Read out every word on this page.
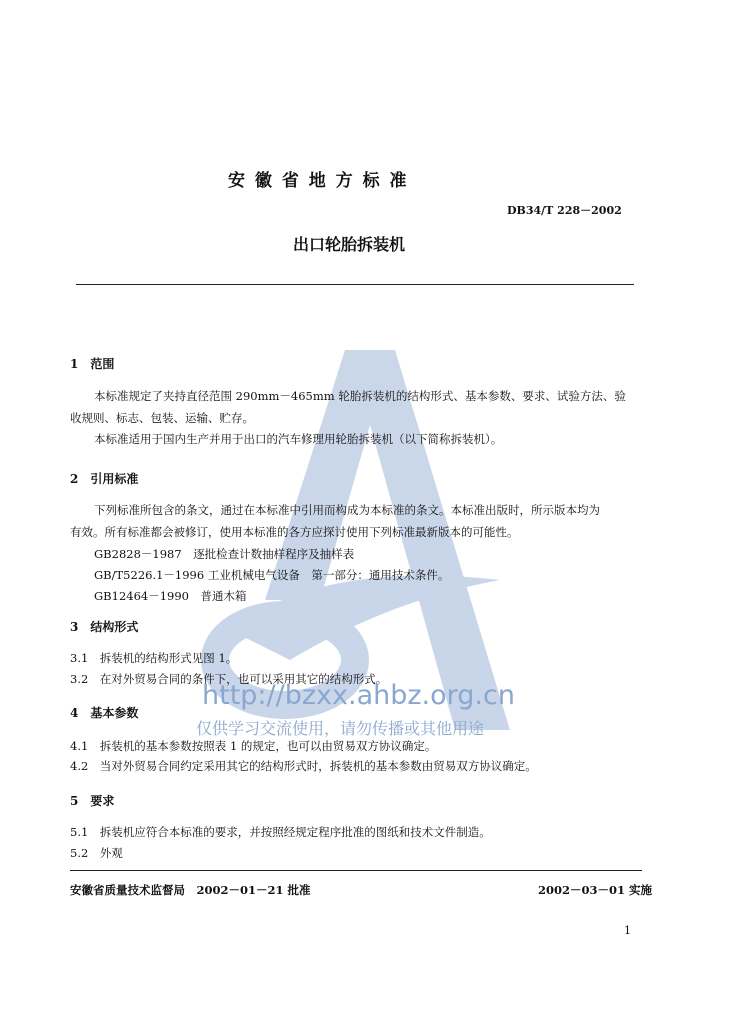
安 徽 省 地 方 标 准
DB34/T 228－2002
出口轮胎拆装机
1　范围
本标准规定了夹持直径范围 290mm－465mm 轮胎拆装机的结构形式、基本参数、要求、试验方法、验
收规则、标志、包装、运输、贮存。
本标准适用于国内生产并用于出口的汽车修理用轮胎拆装机（以下简称拆装机）。
2　引用标准
下列标准所包含的条文，通过在本标准中引用而构成为本标准的条文。本标准出版时，所示版本均为
有效。所有标准都会被修订，使用本标准的各方应探讨使用下列标准最新版本的可能性。
GB2828－1987　逐批检查计数抽样程序及抽样表
GB/T5226.1－1996 工业机械电气设备　第一部分：通用技术条件。
GB12464－1990　普通木箱
3　结构形式
3.1　拆装机的结构形式见图 1。
3.2　在对外贸易合同的条件下，也可以采用其它的结构形式。
http://bzxx.ahbz.org.cn
4　基本参数
仅供学习交流使用，请勿传播或其他用途
4.1　拆装机的基本参数按照表 1 的规定，也可以由贸易双方协议确定。
4.2　当对外贸易合同约定采用其它的结构形式时，拆装机的基本参数由贸易双方协议确定。
5　要求
5.1　拆装机应符合本标准的要求，并按照经规定程序批准的图纸和技术文件制造。
5.2　外观
安徽省质量技术监督局　2002－01－21 批准	2002－03－01 实施
1
